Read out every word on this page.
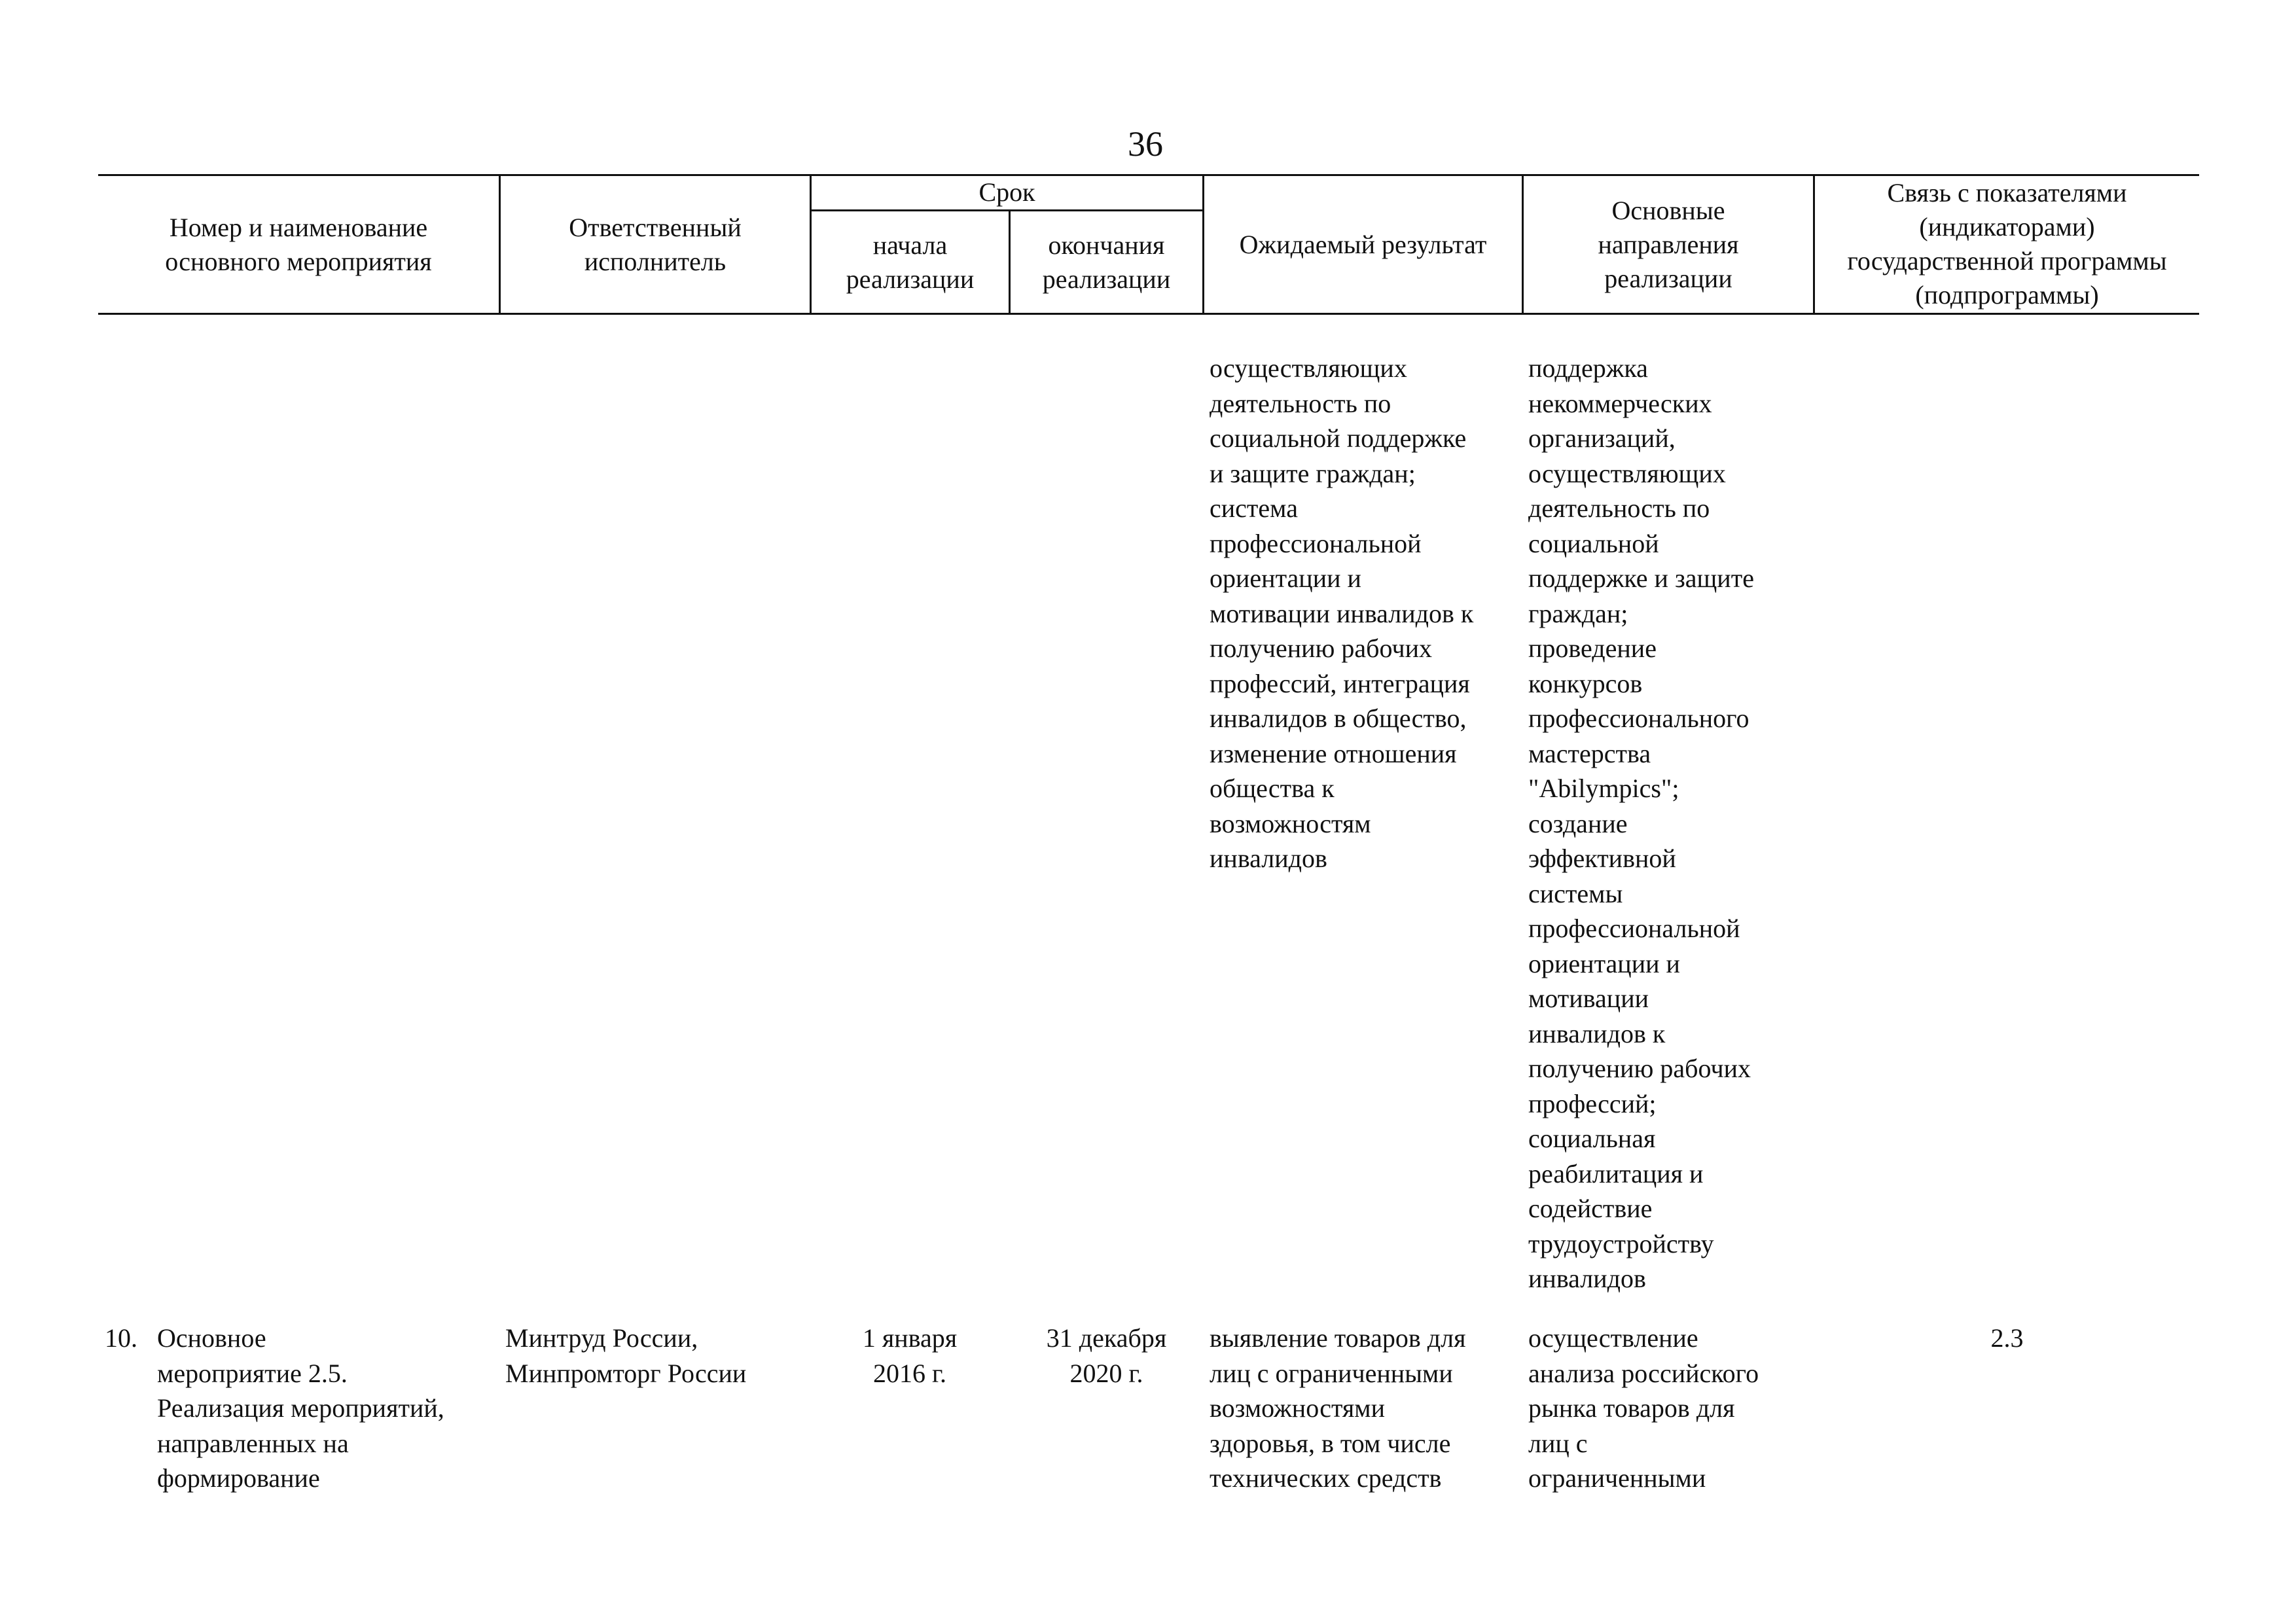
36
Номер и наименование
основного мероприятия
Ответственный
исполнитель
Срок
начала
реализации
окончания
реализации
Ожидаемый результат
Основные
направления
реализации
Связь с показателями
(индикаторами)
государственной программы
(подпрограммы)
осуществляющих
деятельность по
социальной поддержке
и защите граждан;
система
профессиональной
ориентации и
мотивации инвалидов к
получению рабочих
профессий, интеграция
инвалидов в общество,
изменение отношения
общества к
возможностям
инвалидов
поддержка
некоммерческих
организаций,
осуществляющих
деятельность по
социальной
поддержке и защите
граждан;
проведение
конкурсов
профессионального
мастерства
"Abilympics";
создание
эффективной
системы
профессиональной
ориентации и
мотивации
инвалидов к
получению рабочих
профессий;
социальная
реабилитация и
содействие
трудоустройству
инвалидов
10. Основное
мероприятие 2.5.
Реализация мероприятий,
направленных на
формирование
Минтруд России,
Минпромторг России
1 января
2016 г.
31 декабря
2020 г.
выявление товаров для
лиц с ограниченными
возможностями
здоровья, в том числе
технических средств
осуществление
анализа российского
рынка товаров для
лиц с
ограниченными
2.3
